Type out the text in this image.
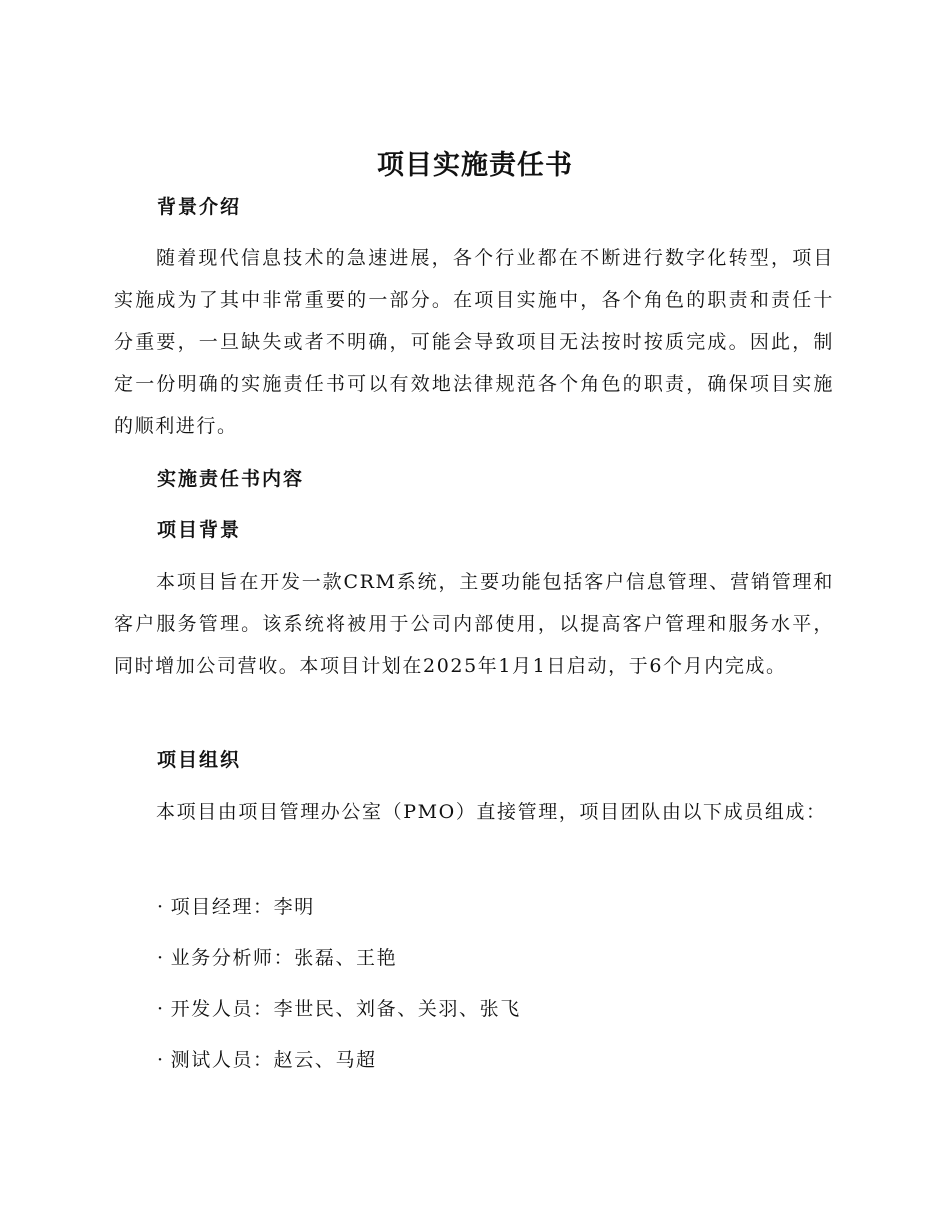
项目实施责任书
背景介绍

随着现代信息技术的急速进展，各个行业都在不断进行数字化转型，项目实施成为了其中非常重要的一部分。在项目实施中，各个角色的职责和责任十分重要，一旦缺失或者不明确，可能会导致项目无法按时按质完成。因此，制定一份明确的实施责任书可以有效地法律规范各个角色的职责，确保项目实施的顺利进行。

实施责任书内容
项目背景

本项目旨在开发一款CRM系统，主要功能包括客户信息管理、营销管理和客户服务管理。该系统将被用于公司内部使用，以提高客户管理和服务水平，同时增加公司营收。本项目计划在2025年1月1日启动，于6个月内完成。

项目组织

本项目由项目管理办公室（PMO）直接管理，项目团队由以下成员组成：

· 项目经理：李明
· 业务分析师：张磊、王艳
· 开发人员：李世民、刘备、关羽、张飞
· 测试人员：赵云、马超
